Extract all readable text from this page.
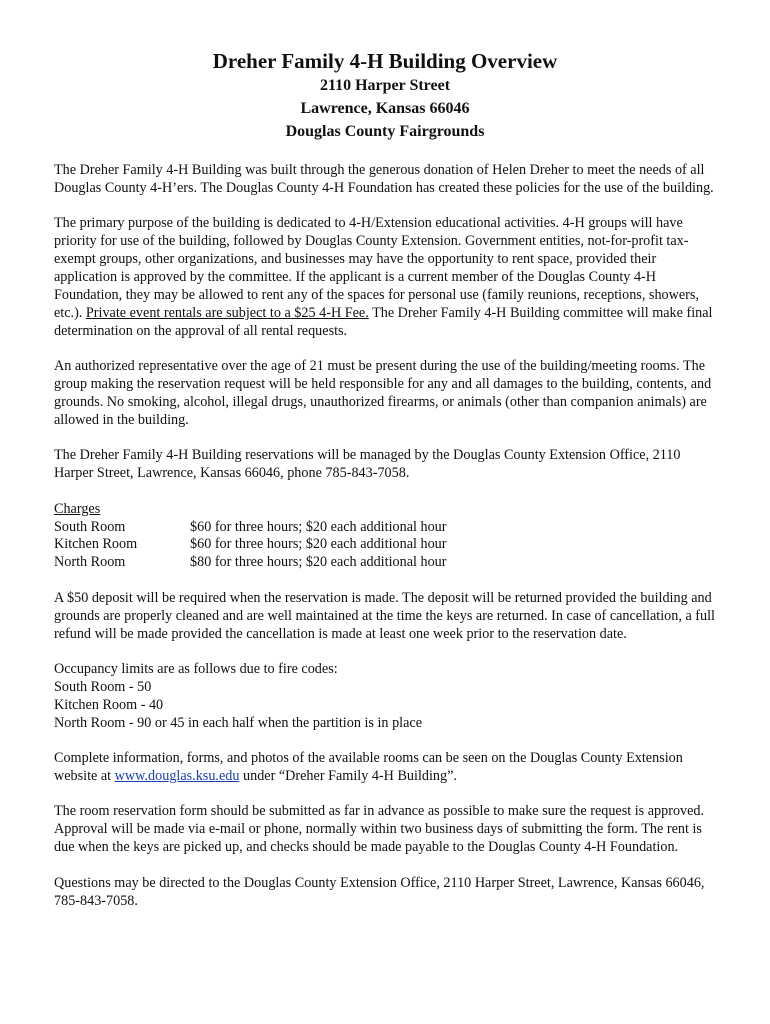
Dreher Family 4-H Building Overview

2110 Harper Street

Lawrence, Kansas 66046

Douglas County Fairgrounds

The Dreher Family 4-H Building was built through the generous donation of Helen Dreher to meet the needs of all Douglas County 4-H’ers. The Douglas County 4-H Foundation has created these policies for the use of the building.

The primary purpose of the building is dedicated to 4-H/Extension educational activities. 4-H groups will have priority for use of the building, followed by Douglas County Extension. Government entities, not-for-profit tax-exempt groups, other organizations, and businesses may have the opportunity to rent space, provided their application is approved by the committee. If the applicant is a current member of the Douglas County 4-H Foundation, they may be allowed to rent any of the spaces for personal use (family reunions, receptions, showers, etc.). Private event rentals are subject to a $25 4-H Fee. The Dreher Family 4-H Building committee will make final determination on the approval of all rental requests.

An authorized representative over the age of 21 must be present during the use of the building/meeting rooms. The group making the reservation request will be held responsible for any and all damages to the building, contents, and grounds. No smoking, alcohol, illegal drugs, unauthorized firearms, or animals (other than companion animals) are allowed in the building.

The Dreher Family 4-H Building reservations will be managed by the Douglas County Extension Office, 2110 Harper Street, Lawrence, Kansas 66046, phone 785-843-7058.

Charges
South Room	$60 for three hours; $20 each additional hour
Kitchen Room	$60 for three hours; $20 each additional hour
North Room	$80 for three hours; $20 each additional hour

A $50 deposit will be required when the reservation is made. The deposit will be returned provided the building and grounds are properly cleaned and are well maintained at the time the keys are returned. In case of cancellation, a full refund will be made provided the cancellation is made at least one week prior to the reservation date.

Occupancy limits are as follows due to fire codes:
South Room - 50
Kitchen Room - 40
North Room - 90 or 45 in each half when the partition is in place

Complete information, forms, and photos of the available rooms can be seen on the Douglas County Extension website at www.douglas.ksu.edu under “Dreher Family 4-H Building”.

The room reservation form should be submitted as far in advance as possible to make sure the request is approved. Approval will be made via e-mail or phone, normally within two business days of submitting the form. The rent is due when the keys are picked up, and checks should be made payable to the Douglas County 4-H Foundation.

Questions may be directed to the Douglas County Extension Office, 2110 Harper Street, Lawrence, Kansas 66046, 785-843-7058.
